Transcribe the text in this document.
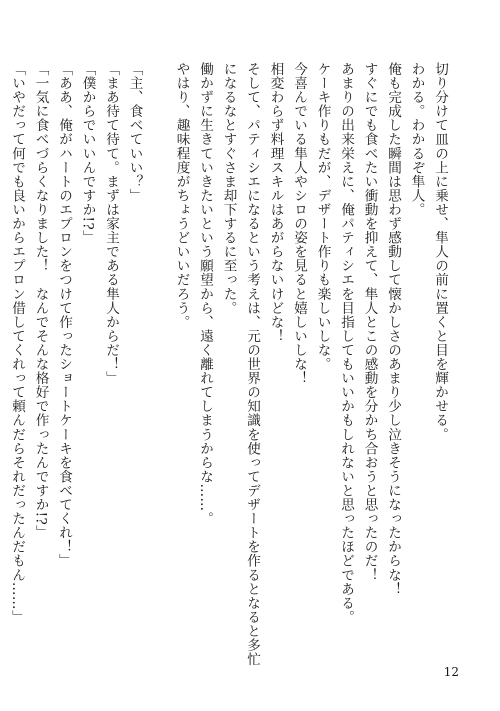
切り分けて皿の上に乗せ、隼人の前に置くと目を輝かせる。
わかる。わかるぞ隼人。
俺も完成した瞬間は思わず感動して懐かしさのあまり少し泣きそうになったからな！
すぐにでも食べたい衝動を抑えて、隼人とこの感動を分かち合おうと思ったのだ！
あまりの出来栄えに、俺パティシエを目指してもいいかもしれないと思ったほどである。
ケーキ作りもだが、デザート作りも楽しいしな。
今喜んでいる隼人やシロの姿を見ると嬉しいしな！
相変わらず料理スキルはあがらないけどな！
そして、パティシエになるという考えは、元の世界の知識を使ってデザートを作るとなると多忙
になるなとすぐさま却下するに至った。
働かずに生きていきたいという願望から、遠く離れてしまうからな……。
やはり、趣味程度がちょうどいいだろう。
「主、食べていい？」
「まあ待て待て。まずは家主である隼人からだ！」
「僕からでいいんですか!?」
「ああ、俺がハートのエプロンをつけて作ったショートケーキを食べてくれ！」
「一気に食べづらくなりました！　なんでそんな格好で作ったんですか!?」
「いやだって何でも良いからエプロン借してくれって頼んだらそれだったんだもん……」
12
